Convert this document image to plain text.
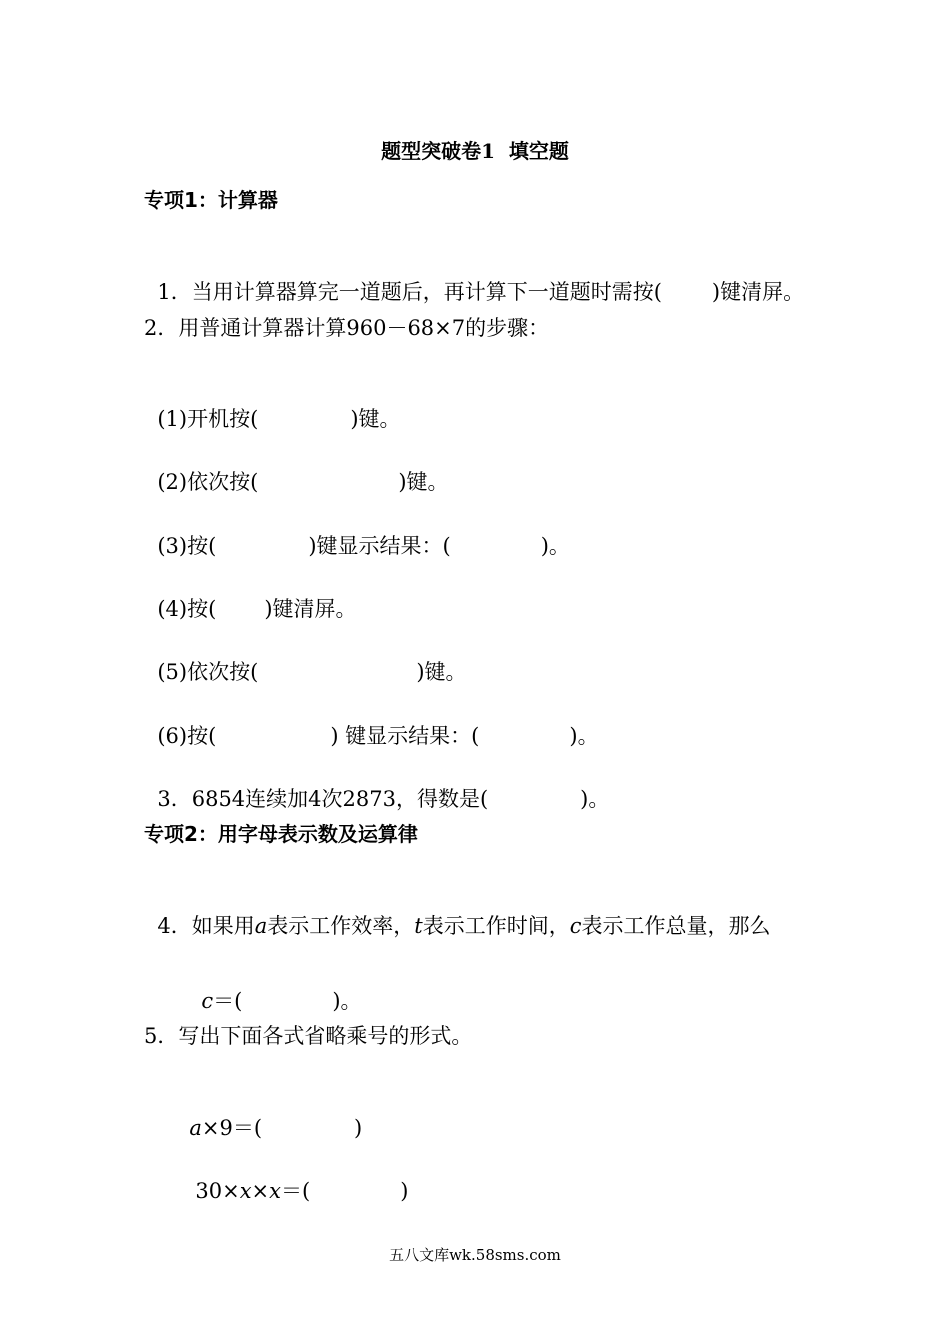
题型突破卷1  填空题
专项1：计算器

1．当用计算器算完一道题后，再计算下一道题时需按( )键清屏。

2．用普通计算器计算960－68×7的步骤：

(1)开机按(	)键。

(2)依次按(	)键。

(3)按(	)键显示结果：(	)。

(4)按( )键清屏。

(5)依次按(	)键。

(6)按(	) 键显示结果：(	)。

3．6854连续加4次2873，得数是(	)。

专项2：用字母表示数及运算律

4．如果用a表示工作效率，t表示工作时间，c表示工作总量，那么

c＝(	)。

5．写出下面各式省略乘号的形式。

a×9＝(	)

30×x×x＝(	)

五八文库wk.58sms.com
